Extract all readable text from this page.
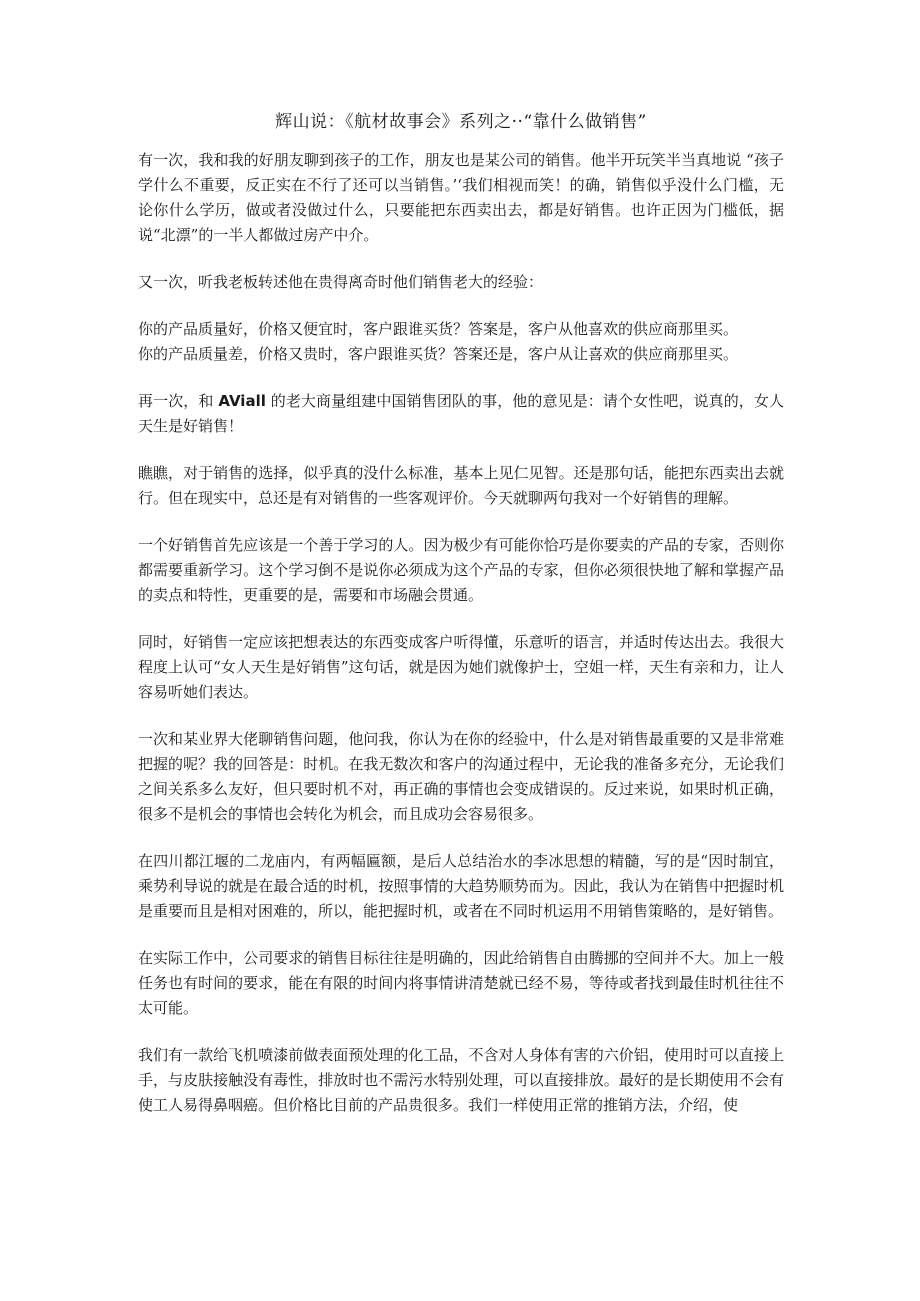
辉山说：《航材故事会》系列之··“靠什么做销售”

有一次，我和我的好朋友聊到孩子的工作，朋友也是某公司的销售。他半开玩笑半当真地说 “孩子学什么不重要，反正实在不行了还可以当销售。’‘我们相视而笑！的确，销售似乎没什么门槛，无论你什么学历，做或者没做过什么，只要能把东西卖出去，都是好销售。也许正因为门槛低，据说“北漂”的一半人都做过房产中介。

又一次，听我老板转述他在贵得离奇时他们销售老大的经验：

你的产品质量好，价格又便宜时，客户跟谁买货？答案是，客户从他喜欢的供应商那里买。
你的产品质量差，价格又贵时，客户跟谁买货？答案还是，客户从让喜欢的供应商那里买。

再一次，和 AViall 的老大商量组建中国销售团队的事，他的意见是：请个女性吧，说真的，女人天生是好销售！

瞧瞧，对于销售的选择，似乎真的没什么标准，基本上见仁见智。还是那句话，能把东西卖出去就行。但在现实中，总还是有对销售的一些客观评价。今天就聊两句我对一个好销售的理解。

一个好销售首先应该是一个善于学习的人。因为极少有可能你恰巧是你要卖的产品的专家，否则你都需要重新学习。这个学习倒不是说你必须成为这个产品的专家，但你必须很快地了解和掌握产品的卖点和特性，更重要的是，需要和市场融会贯通。

同时，好销售一定应该把想表达的东西变成客户听得懂，乐意听的语言，并适时传达出去。我很大程度上认可“女人天生是好销售”这句话，就是因为她们就像护士，空姐一样，天生有亲和力，让人容易听她们表达。

一次和某业界大佬聊销售问题，他问我，你认为在你的经验中，什么是对销售最重要的又是非常难把握的呢？我的回答是：时机。在我无数次和客户的沟通过程中，无论我的准备多充分，无论我们之间关系多么友好，但只要时机不对，再正确的事情也会变成错误的。反过来说，如果时机正确，很多不是机会的事情也会转化为机会，而且成功会容易很多。

在四川都江堰的二龙庙内，有两幅匾额，是后人总结治水的李冰思想的精髓，写的是“因时制宜，乘势利导说的就是在最合适的时机，按照事情的大趋势顺势而为。因此，我认为在销售中把握时机是重要而且是相对困难的，所以，能把握时机，或者在不同时机运用不用销售策略的，是好销售。

在实际工作中，公司要求的销售目标往往是明确的，因此给销售自由腾挪的空间并不大。加上一般任务也有时间的要求，能在有限的时间内将事情讲清楚就已经不易，等待或者找到最佳时机往往不太可能。

我们有一款给飞机喷漆前做表面预处理的化工品，不含对人身体有害的六价铝，使用时可以直接上手，与皮肤接触没有毒性，排放时也不需污水特别处理，可以直接排放。最好的是长期使用不会有使工人易得鼻咽癌。但价格比目前的产品贵很多。我们一样使用正常的推销方法，介绍，使
